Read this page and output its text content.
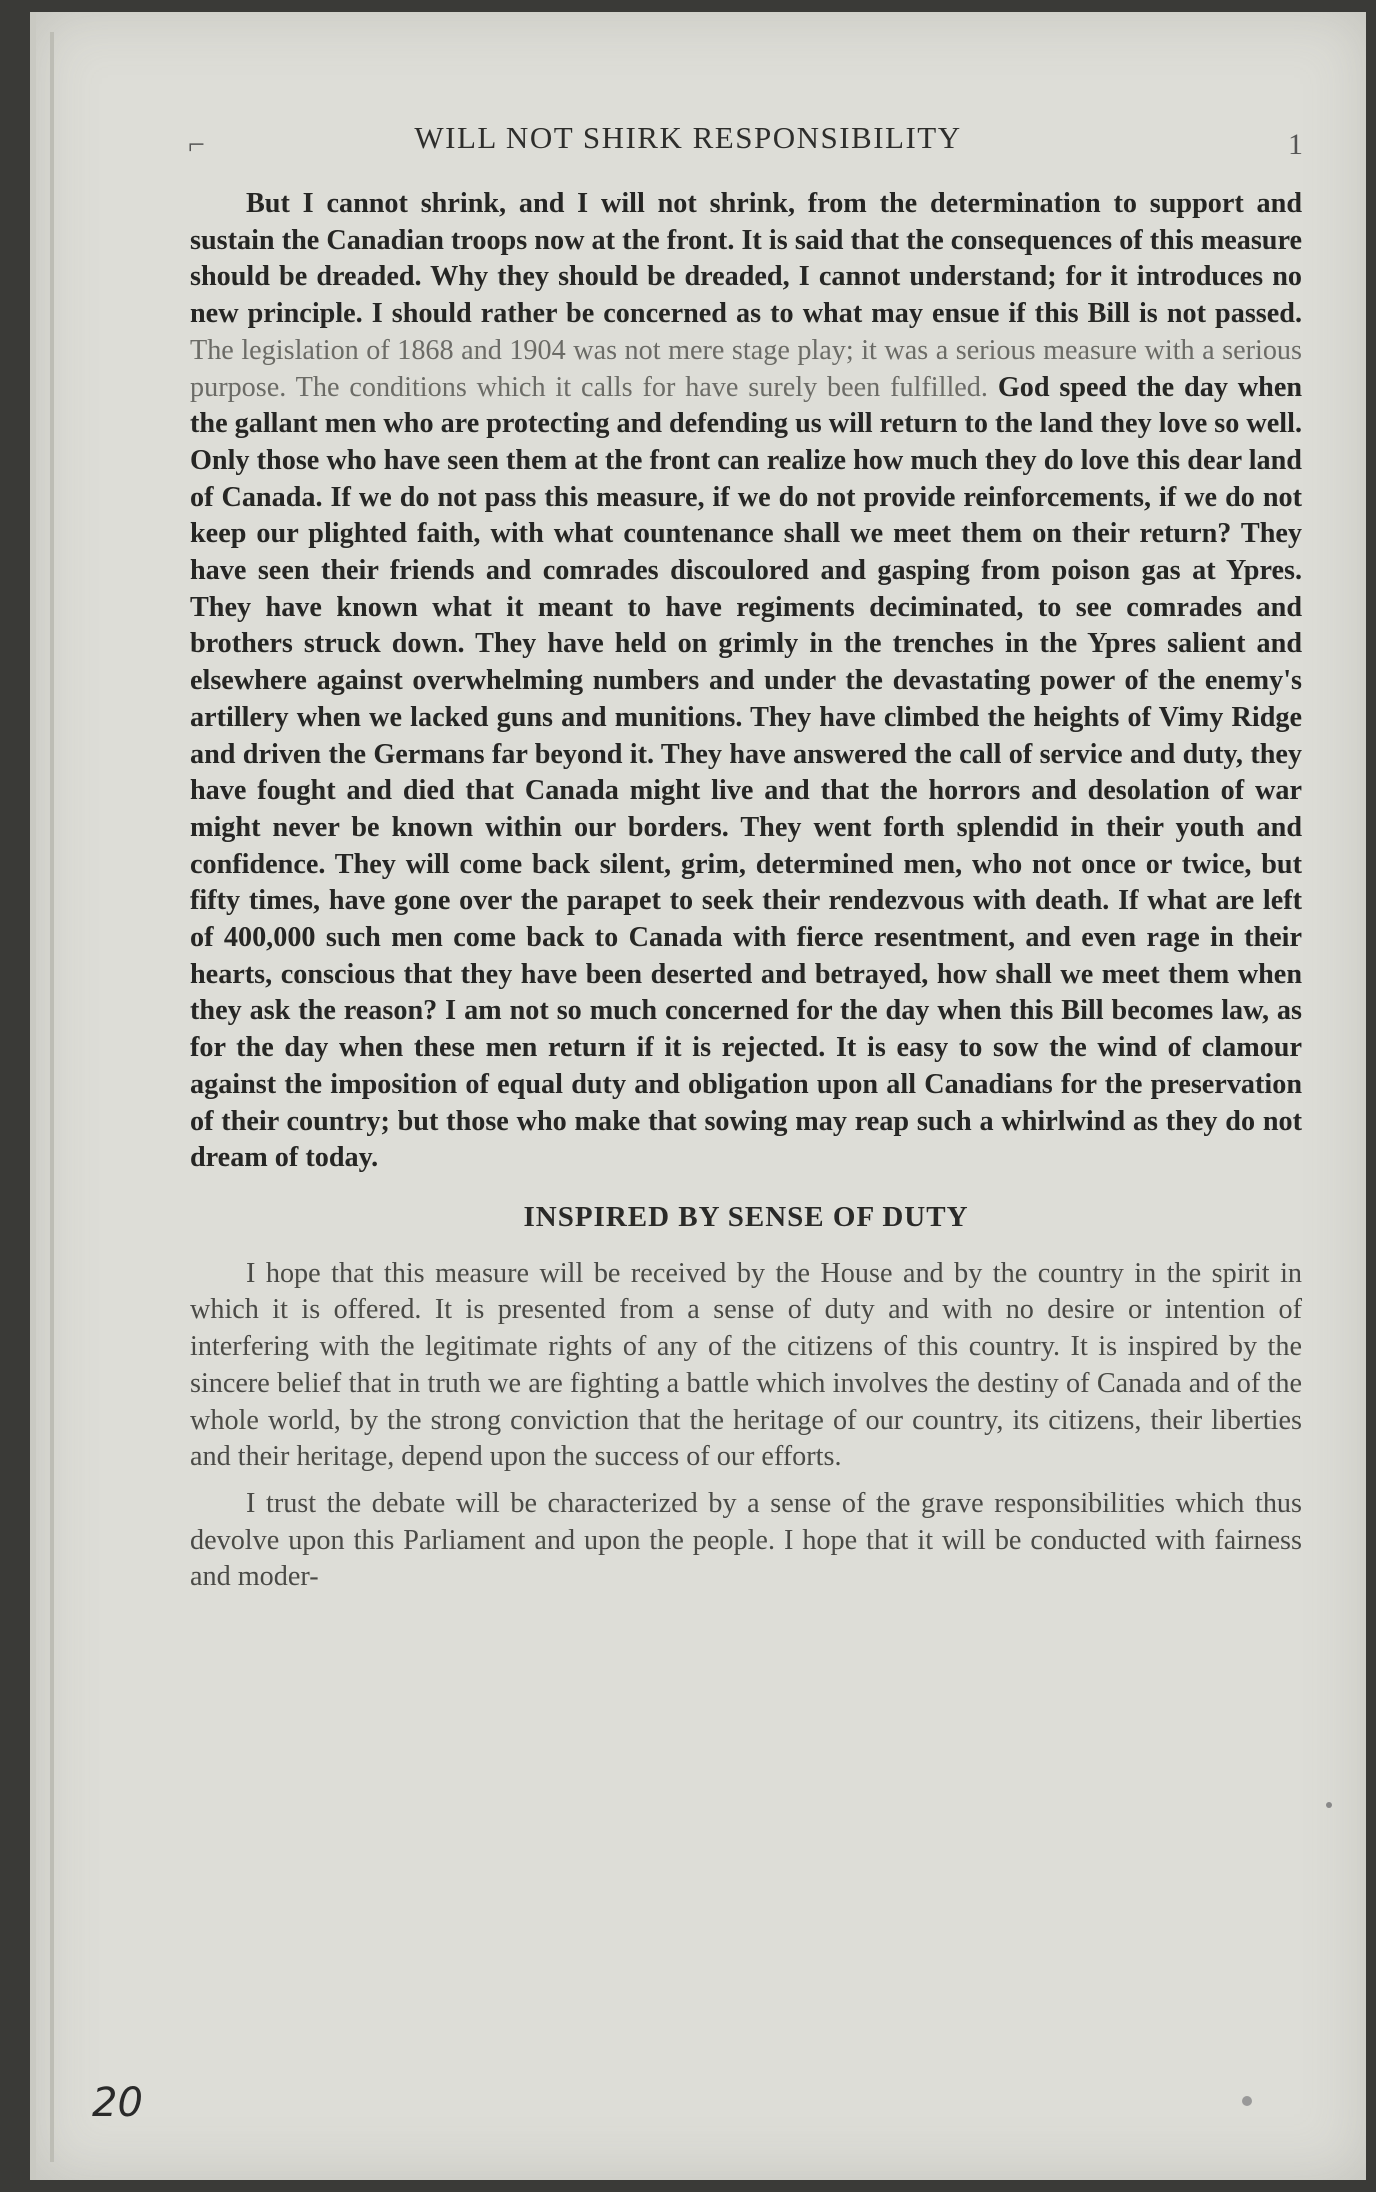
⌐	WILL NOT SHIRK RESPONSIBILITY	1

But I cannot shrink, and I will not shrink, from the determination to support and sustain the Canadian troops now at the front. It is said that the consequences of this measure should be dreaded. Why they should be dreaded, I cannot understand; for it introduces no new principle. I should rather be concerned as to what may ensue if this Bill is not passed. The legislation of 1868 and 1904 was not mere stage play; it was a serious measure with a serious purpose. The conditions which it calls for have surely been fulfilled. God speed the day when the gallant men who are protecting and defending us will return to the land they love so well. Only those who have seen them at the front can realize how much they do love this dear land of Canada. If we do not pass this measure, if we do not provide reinforcements, if we do not keep our plighted faith, with what countenance shall we meet them on their return? They have seen their friends and comrades discoulored and gasping from poison gas at Ypres. They have known what it meant to have regiments deciminated, to see comrades and brothers struck down. They have held on grimly in the trenches in the Ypres salient and elsewhere against overwhelming numbers and under the devastating power of the enemy's artillery when we lacked guns and munitions. They have climbed the heights of Vimy Ridge and driven the Germans far beyond it. They have answered the call of service and duty, they have fought and died that Canada might live and that the horrors and desolation of war might never be known within our borders. They went forth splendid in their youth and confidence. They will come back silent, grim, determined men, who not once or twice, but fifty times, have gone over the parapet to seek their rendezvous with death. If what are left of 400,000 such men come back to Canada with fierce resentment, and even rage in their hearts, conscious that they have been deserted and betrayed, how shall we meet them when they ask the reason? I am not so much concerned for the day when this Bill becomes law, as for the day when these men return if it is rejected. It is easy to sow the wind of clamour against the imposition of equal duty and obligation upon all Canadians for the preservation of their country; but those who make that sowing may reap such a whirlwind as they do not dream of today.

INSPIRED BY SENSE OF DUTY

I hope that this measure will be received by the House and by the country in the spirit in which it is offered. It is presented from a sense of duty and with no desire or intention of interfering with the legitimate rights of any of the citizens of this country. It is inspired by the sincere belief that in truth we are fighting a battle which involves the destiny of Canada and of the whole world, by the strong conviction that the heritage of our country, its citizens, their liberties and their heritage, depend upon the success of our efforts.

I trust the debate will be characterized by a sense of the grave responsibilities which thus devolve upon this Parliament and upon the people. I hope that it will be conducted with fairness and moder-

20
